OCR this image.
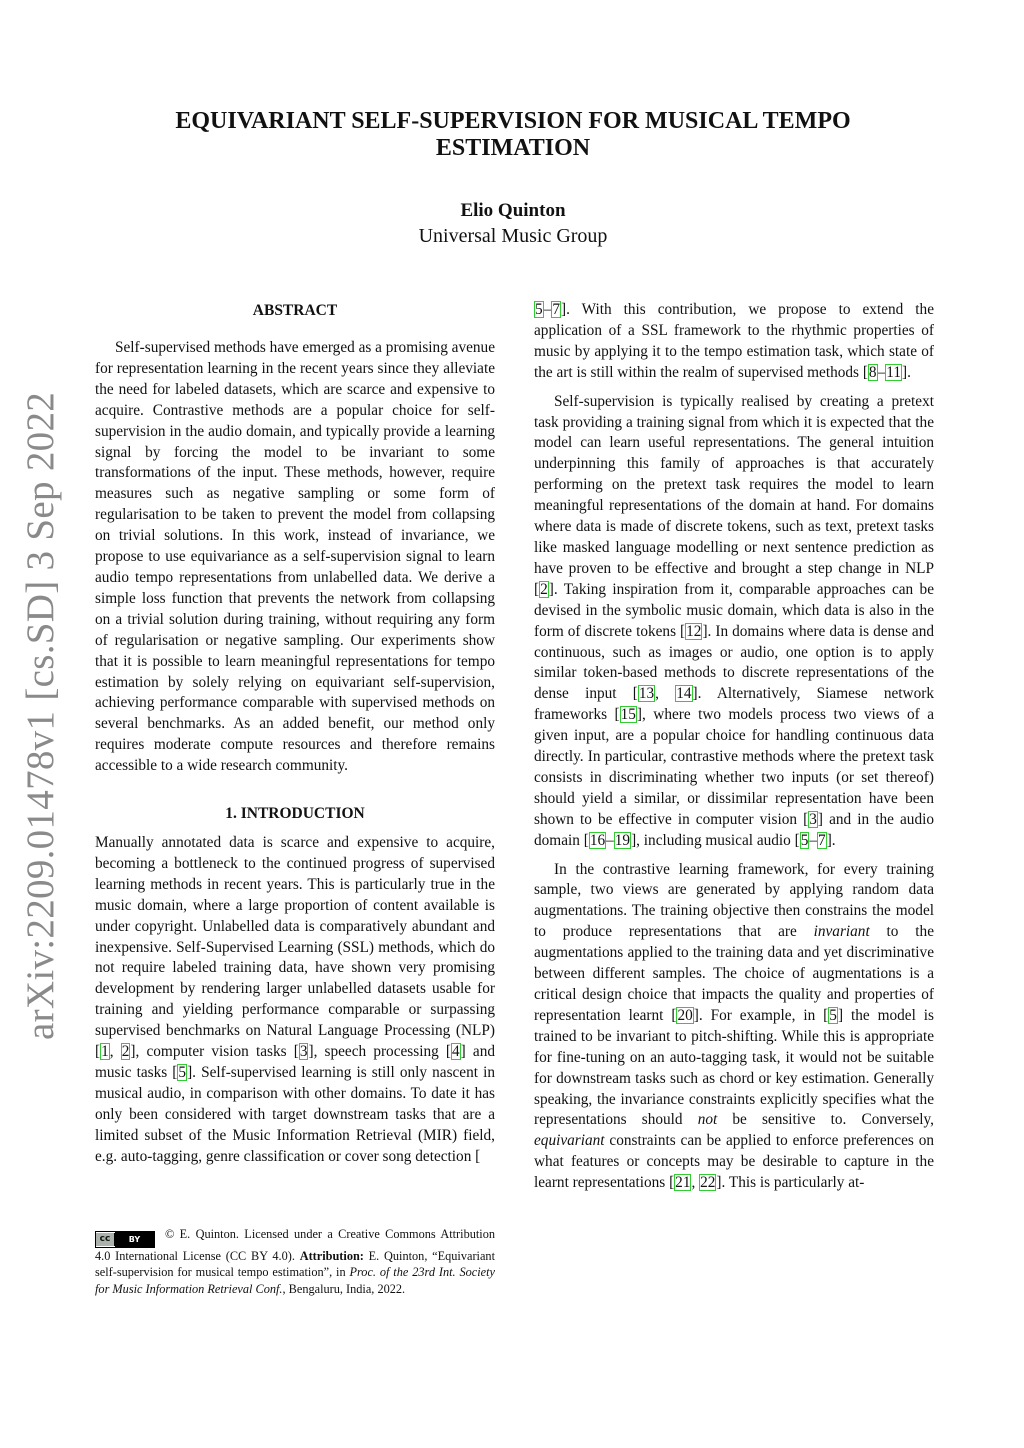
arXiv:2209.01478v1 [cs.SD] 3 Sep 2022
EQUIVARIANT SELF-SUPERVISION FOR MUSICAL TEMPO ESTIMATION
Elio Quinton
Universal Music Group
ABSTRACT

Self-supervised methods have emerged as a promising avenue for representation learning in the recent years since they alleviate the need for labeled datasets, which are scarce and expensive to acquire. Contrastive methods are a popular choice for self-supervision in the audio domain, and typically provide a learning signal by forcing the model to be invariant to some transformations of the input. These methods, however, require measures such as negative sampling or some form of regularisation to be taken to prevent the model from collapsing on trivial solutions. In this work, instead of invariance, we propose to use equivariance as a self-supervision signal to learn audio tempo representations from unlabelled data. We derive a simple loss function that prevents the network from collapsing on a trivial solution during training, without requiring any form of regularisation or negative sampling. Our experiments show that it is possible to learn meaningful representations for tempo estimation by solely relying on equivariant self-supervision, achieving performance comparable with supervised methods on several benchmarks. As an added benefit, our method only requires moderate compute resources and therefore remains accessible to a wide research community.

1. INTRODUCTION

Manually annotated data is scarce and expensive to acquire, becoming a bottleneck to the continued progress of supervised learning methods in recent years. This is particularly true in the music domain, where a large proportion of content available is under copyright. Unlabelled data is comparatively abundant and inexpensive. Self-Supervised Learning (SSL) methods, which do not require labeled training data, have shown very promising development by rendering larger unlabelled datasets usable for training and yielding performance comparable or surpassing supervised benchmarks on Natural Language Processing (NLP) [1, 2], computer vision tasks [3], speech processing [4] and music tasks [5]. Self-supervised learning is still only nascent in musical audio, in comparison with other domains. To date it has only been considered with target downstream tasks that are a limited subset of the Music Information Retrieval (MIR) field, e.g. auto-tagging, genre classification or cover song detection [

5–7]. With this contribution, we propose to extend the application of a SSL framework to the rhythmic properties of music by applying it to the tempo estimation task, which state of the art is still within the realm of supervised methods [8–11].

Self-supervision is typically realised by creating a pretext task providing a training signal from which it is expected that the model can learn useful representations. The general intuition underpinning this family of approaches is that accurately performing on the pretext task requires the model to learn meaningful representations of the domain at hand. For domains where data is made of discrete tokens, such as text, pretext tasks like masked language modelling or next sentence prediction as have proven to be effective and brought a step change in NLP [2]. Taking inspiration from it, comparable approaches can be devised in the symbolic music domain, which data is also in the form of discrete tokens [12]. In domains where data is dense and continuous, such as images or audio, one option is to apply similar token-based methods to discrete representations of the dense input [13, 14]. Alternatively, Siamese network frameworks [15], where two models process two views of a given input, are a popular choice for handling continuous data directly. In particular, contrastive methods where the pretext task consists in discriminating whether two inputs (or set thereof) should yield a similar, or dissimilar representation have been shown to be effective in computer vision [3] and in the audio domain [16–19], including musical audio [5–7].

In the contrastive learning framework, for every training sample, two views are generated by applying random data augmentations. The training objective then constrains the model to produce representations that are invariant to the augmentations applied to the training data and yet discriminative between different samples. The choice of augmentations is a critical design choice that impacts the quality and properties of representation learnt [20]. For example, in [5] the model is trained to be invariant to pitch-shifting. While this is appropriate for fine-tuning on an auto-tagging task, it would not be suitable for downstream tasks such as chord or key estimation. Generally speaking, the invariance constraints explicitly specifies what the representations should not be sensitive to. Conversely, equivariant constraints can be applied to enforce preferences on what features or concepts may be desirable to capture in the learnt representations [21, 22]. This is particularly at-

cc	BY	© E. Quinton. Licensed under a Creative Commons Attribution 4.0 International License (CC BY 4.0). Attribution: E. Quinton, “Equivariant self-supervision for musical tempo estimation”, in Proc. of the 23rd Int. Society for Music Information Retrieval Conf., Bengaluru, India, 2022.
